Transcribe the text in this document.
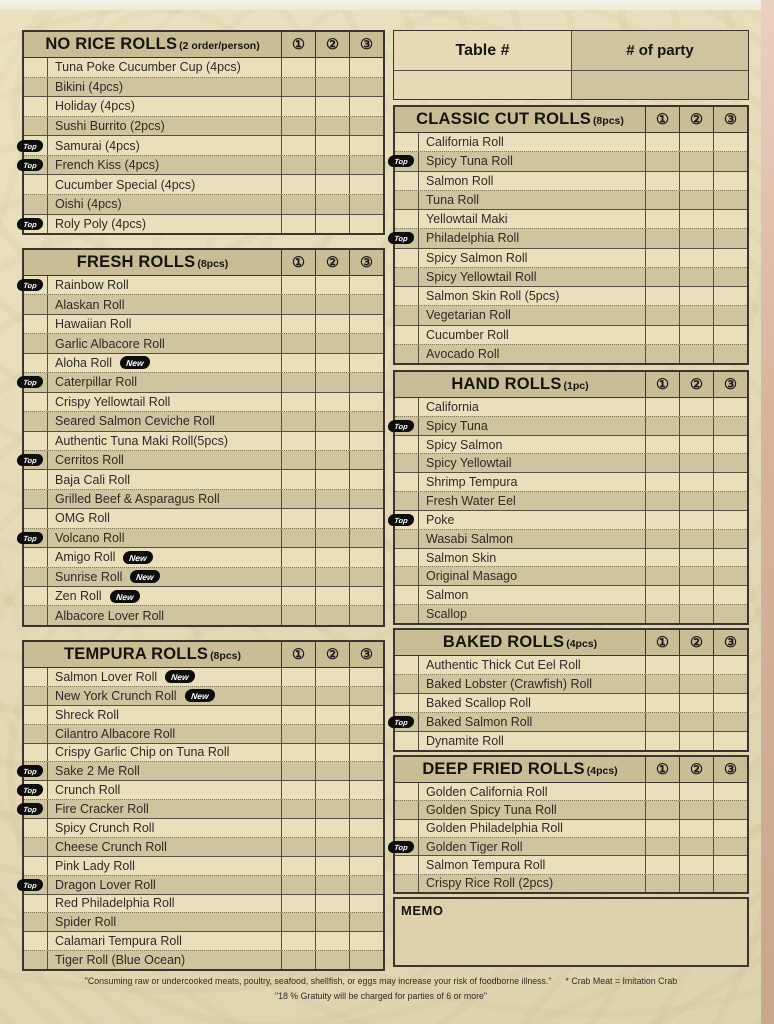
Table #	# of party
MEMO
"Consuming raw or undercooked meats, poultry, seafood, shellfish, or eggs may increase your risk of foodborne illness." * Crab Meat = Imitation Crab
"18 % Gratuity will be charged for parties of 6 or more"
NO RICE ROLLS (2 order/person)	①	②	③
Tuna Poke Cucumber Cup (4pcs)
Bikini (4pcs)
Holiday (4pcs)
Sushi Burrito (2pcs)
Top	Samurai (4pcs)
Top	French Kiss (4pcs)
Cucumber Special (4pcs)
Oishi (4pcs)
Top	Roly Poly (4pcs)
FRESH ROLLS (8pcs)	①	②	③
Top	Rainbow Roll
Alaskan Roll
Hawaiian Roll
Garlic Albacore Roll
Aloha Roll	New
Top	Caterpillar Roll
Crispy Yellowtail Roll
Seared Salmon Ceviche Roll
Authentic Tuna Maki Roll(5pcs)
Top	Cerritos Roll
Baja Cali Roll
Grilled Beef & Asparagus Roll
OMG Roll
Top	Volcano Roll
Amigo Roll	New
Sunrise Roll	New
Zen Roll	New
Albacore Lover Roll
TEMPURA ROLLS (8pcs)	①	②	③
Salmon Lover Roll	New
New York Crunch Roll	New
Shreck Roll
Cilantro Albacore Roll
Crispy Garlic Chip on Tuna Roll
Top	Sake 2 Me Roll
Top	Crunch Roll
Top	Fire Cracker Roll
Spicy Crunch Roll
Cheese Crunch Roll
Pink Lady Roll
Top	Dragon Lover Roll
Red Philadelphia Roll
Spider Roll
Calamari Tempura Roll
Tiger Roll (Blue Ocean)
CLASSIC CUT ROLLS (8pcs)	①	②	③
California Roll
Top	Spicy Tuna Roll
Salmon Roll
Tuna Roll
Yellowtail Maki
Top	Philadelphia Roll
Spicy Salmon Roll
Spicy Yellowtail Roll
Salmon Skin Roll (5pcs)
Vegetarian Roll
Cucumber Roll
Avocado Roll
HAND ROLLS (1pc)	①	②	③
California
Top	Spicy Tuna
Spicy Salmon
Spicy Yellowtail
Shrimp Tempura
Fresh Water Eel
Top	Poke
Wasabi Salmon
Salmon Skin
Original Masago
Salmon
Scallop
BAKED ROLLS (4pcs)	①	②	③
Authentic Thick Cut Eel Roll
Baked Lobster (Crawfish) Roll
Baked Scallop Roll
Top	Baked Salmon Roll
Dynamite Roll
DEEP FRIED ROLLS (4pcs)	①	②	③
Golden California Roll
Golden Spicy Tuna Roll
Golden Philadelphia Roll
Top	Golden Tiger Roll
Salmon Tempura Roll
Crispy Rice Roll (2pcs)
